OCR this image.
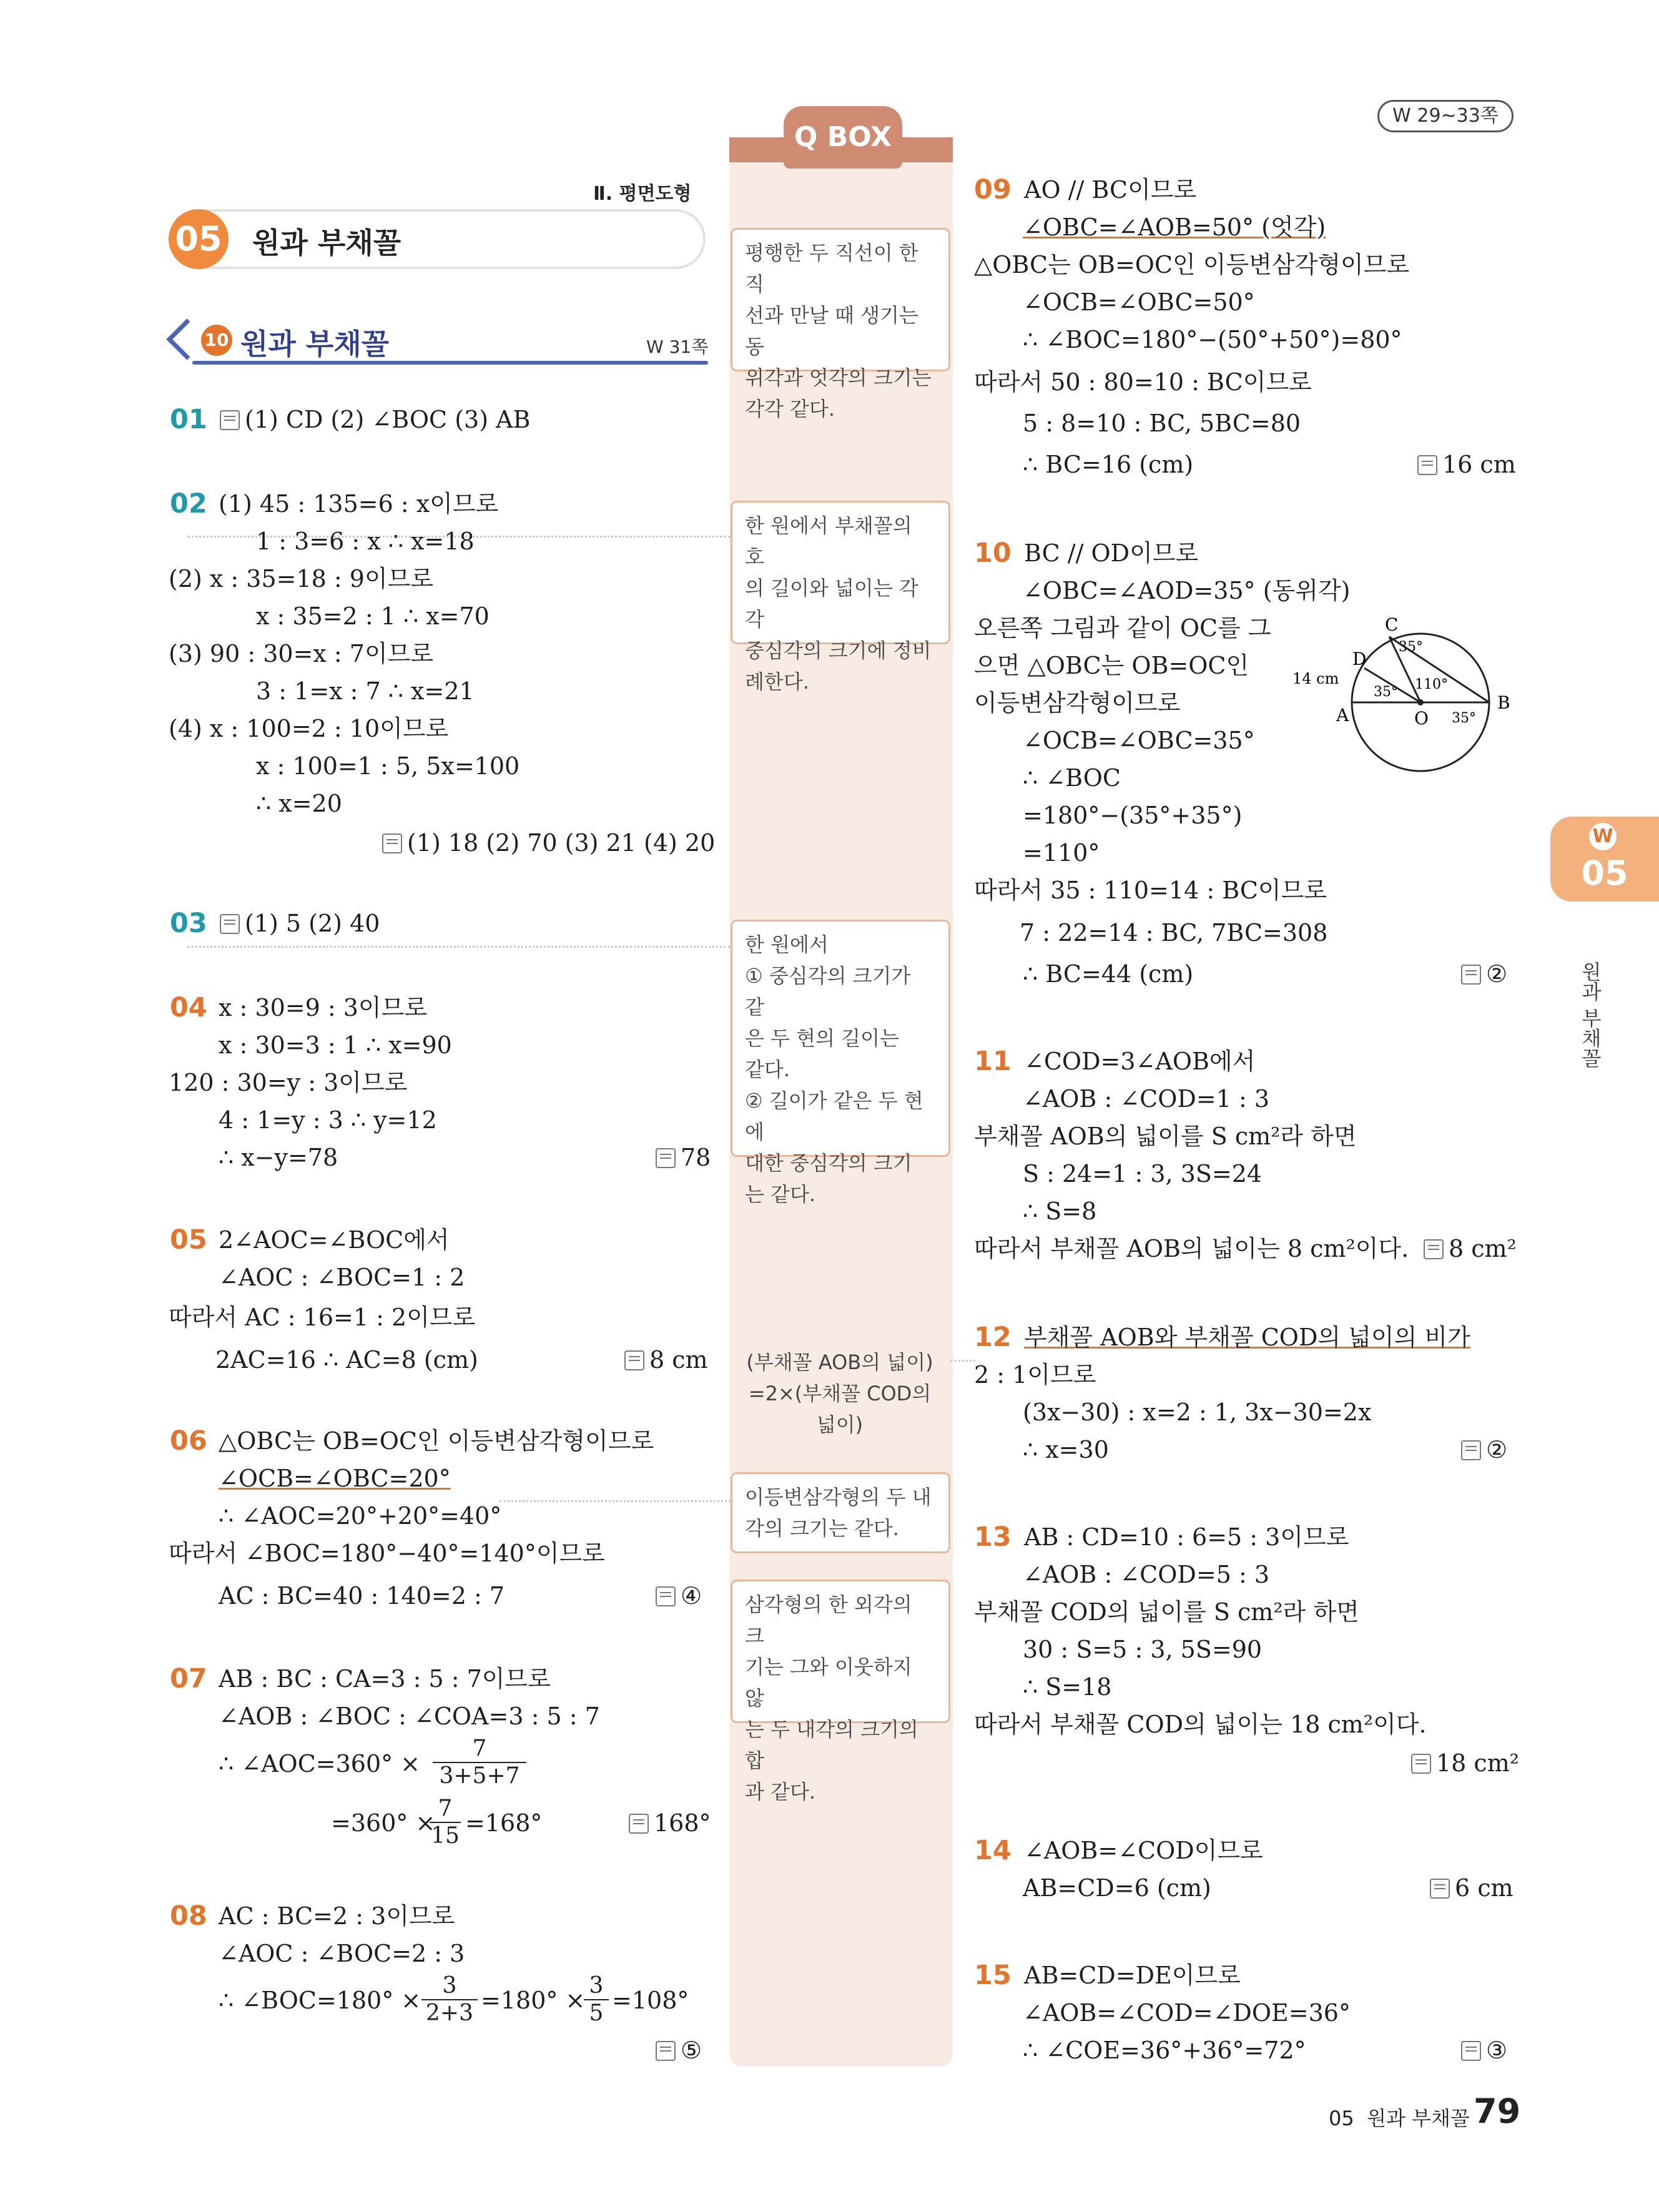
W 29~33쪽
Ⅱ. 평면도형
05 원과 부채꼴
10 원과 부채꼴	W 31쪽
Q BOX
평행한 두 직선이 한 직
선과 만날 때 생기는 동
위각과 엇각의 크기는
각각 같다.
한 원에서 부채꼴의 호
의 길이와 넓이는 각각
중심각의 크기에 정비
례한다.
한 원에서
① 중심각의 크기가 같
은 두 현의 길이는
같다.
② 길이가 같은 두 현에
대한 중심각의 크기
는 같다.
(부채꼴 AOB의 넓이)
=2×(부채꼴 COD의
넓이)
이등변삼각형의 두 내
각의 크기는 같다.
삼각형의 한 외각의 크
기는 그와 이웃하지 않
는 두 내각의 크기의 합
과 같다.
01	(1) CD (2) ∠BOC (3) AB
02 (1) 45 : 135=6 : x이므로
1 : 3=6 : x ∴ x=18
(2) x : 35=18 : 9이므로
x : 35=2 : 1 ∴ x=70
(3) 90 : 30=x : 7이므로
3 : 1=x : 7 ∴ x=21
(4) x : 100=2 : 10이므로
x : 100=1 : 5, 5x=100
∴ x=20
(1) 18 (2) 70 (3) 21 (4) 20
03	(1) 5 (2) 40
04 x : 30=9 : 3이므로
x : 30=3 : 1 ∴ x=90
120 : 30=y : 3이므로
4 : 1=y : 3 ∴ y=12
∴ x−y=78	78
05 2∠AOC=∠BOC에서
∠AOC : ∠BOC=1 : 2
따라서 AC : 16=1 : 2이므로
2AC=16 ∴ AC=8 (cm)	8 cm
06 △OBC는 OB=OC인 이등변삼각형이므로
∠OCB=∠OBC=20°
∴ ∠AOC=20°+20°=40°
따라서 ∠BOC=180°−40°=140°이므로
AC : BC=40 : 140=2 : 7	④
07 AB : BC : CA=3 : 5 : 7이므로
∠AOB : ∠BOC : ∠COA=3 : 5 : 7
∴ ∠AOC=360° × $\frac{7}{3+5+7}$
=360° ×
$\frac{7}{15} =168^\circ$	168°
08 AC : BC=2 : 3이므로
∠AOC : ∠BOC=2 : 3
∴ ∠BOC=180° × $\frac{3}{2+3} =180^\circ$ ×
$\frac{3}{5} =108^\circ$
⑤
09 AO // BC이므로
∠OBC=∠AOB=50° (엇각)
△OBC는 OB=OC인 이등변삼각형이므로
∠OCB=∠OBC=50°
∴ ∠BOC=180°−(50°+50°)=80°
따라서 50 : 80=10 : BC이므로
5 : 8=10 : BC, 5BC=80
∴ BC=16 (cm)	16 cm
10 BC // OD이므로
∠OBC=∠AOD=35° (동위각)
오른쪽 그림과 같이 OC를 그
으면 △OBC는 OB=OC인
이등변삼각형이므로
∠OCB=∠OBC=35°
∴ ∠BOC
=180°−(35°+35°)
=110°
따라서 35 : 110=14 : BC이므로
7 : 22=14 : BC, 7BC=308
∴ BC=44 (cm)	②
C
D
A	O
B
14 cm
35°
35° 110°
35°
11 ∠COD=3∠AOB에서
∠AOB : ∠COD=1 : 3
부채꼴 AOB의 넓이를 S cm²라 하면
S : 24=1 : 3, 3S=24
∴ S=8
따라서 부채꼴 AOB의 넓이는 8 cm²이다.	8 cm²
12 부채꼴 AOB와 부채꼴 COD의 넓이의 비가
2 : 1이므로
(3x−30) : x=2 : 1, 3x−30=2x
∴ x=30	②
13 AB : CD=10 : 6=5 : 3이므로
∠AOB : ∠COD=5 : 3
부채꼴 COD의 넓이를 S cm²라 하면
30 : S=5 : 3, 5S=90
∴ S=18
따라서 부채꼴 COD의 넓이는 18 cm²이다.
18 cm²
14 ∠AOB=∠COD이므로
AB=CD=6 (cm)	6 cm
15 AB=CD=DE이므로
∠AOB=∠COD=∠DOE=36°
∴ ∠COE=36°+36°=72°	③
W
05
원과 부채꼴
05  원과 부채꼴 79
